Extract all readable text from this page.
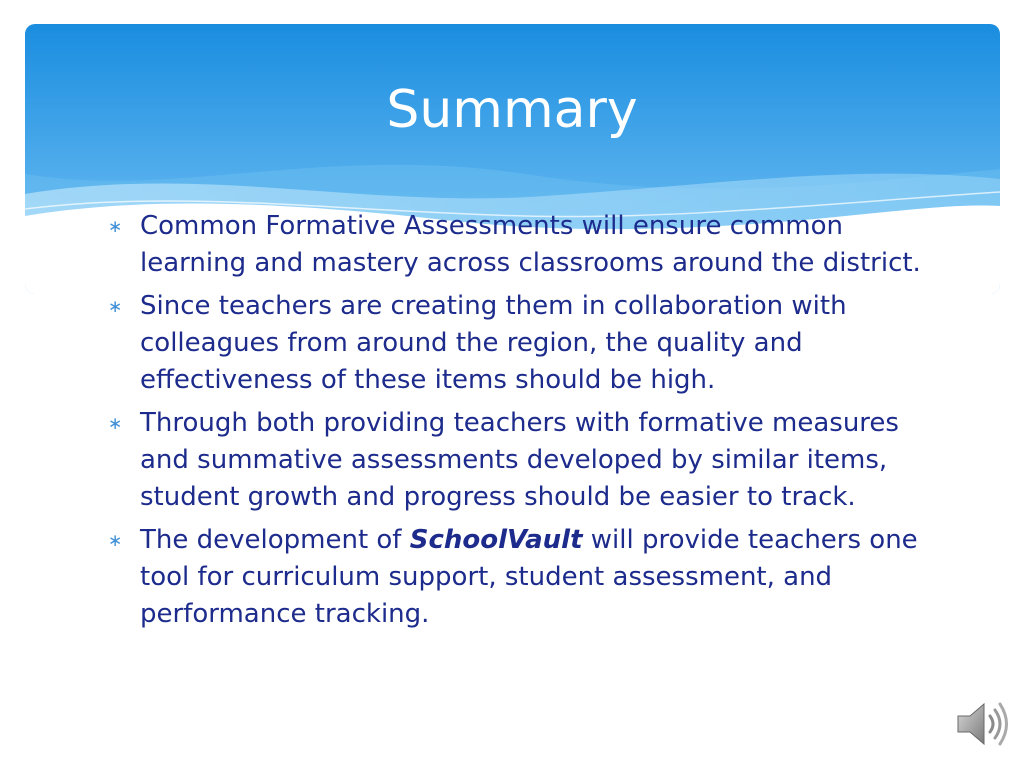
Summary
∗ Common Formative Assessments will ensure common learning and mastery across classrooms around the district.
∗ Since teachers are creating them in collaboration with colleagues from around the region, the quality and effectiveness of these items should be high.
∗ Through both providing teachers with formative measures and summative assessments developed by similar items, student growth and progress should be easier to track.
∗ The development of SchoolVault will provide teachers one tool for curriculum support, student assessment, and performance tracking.
